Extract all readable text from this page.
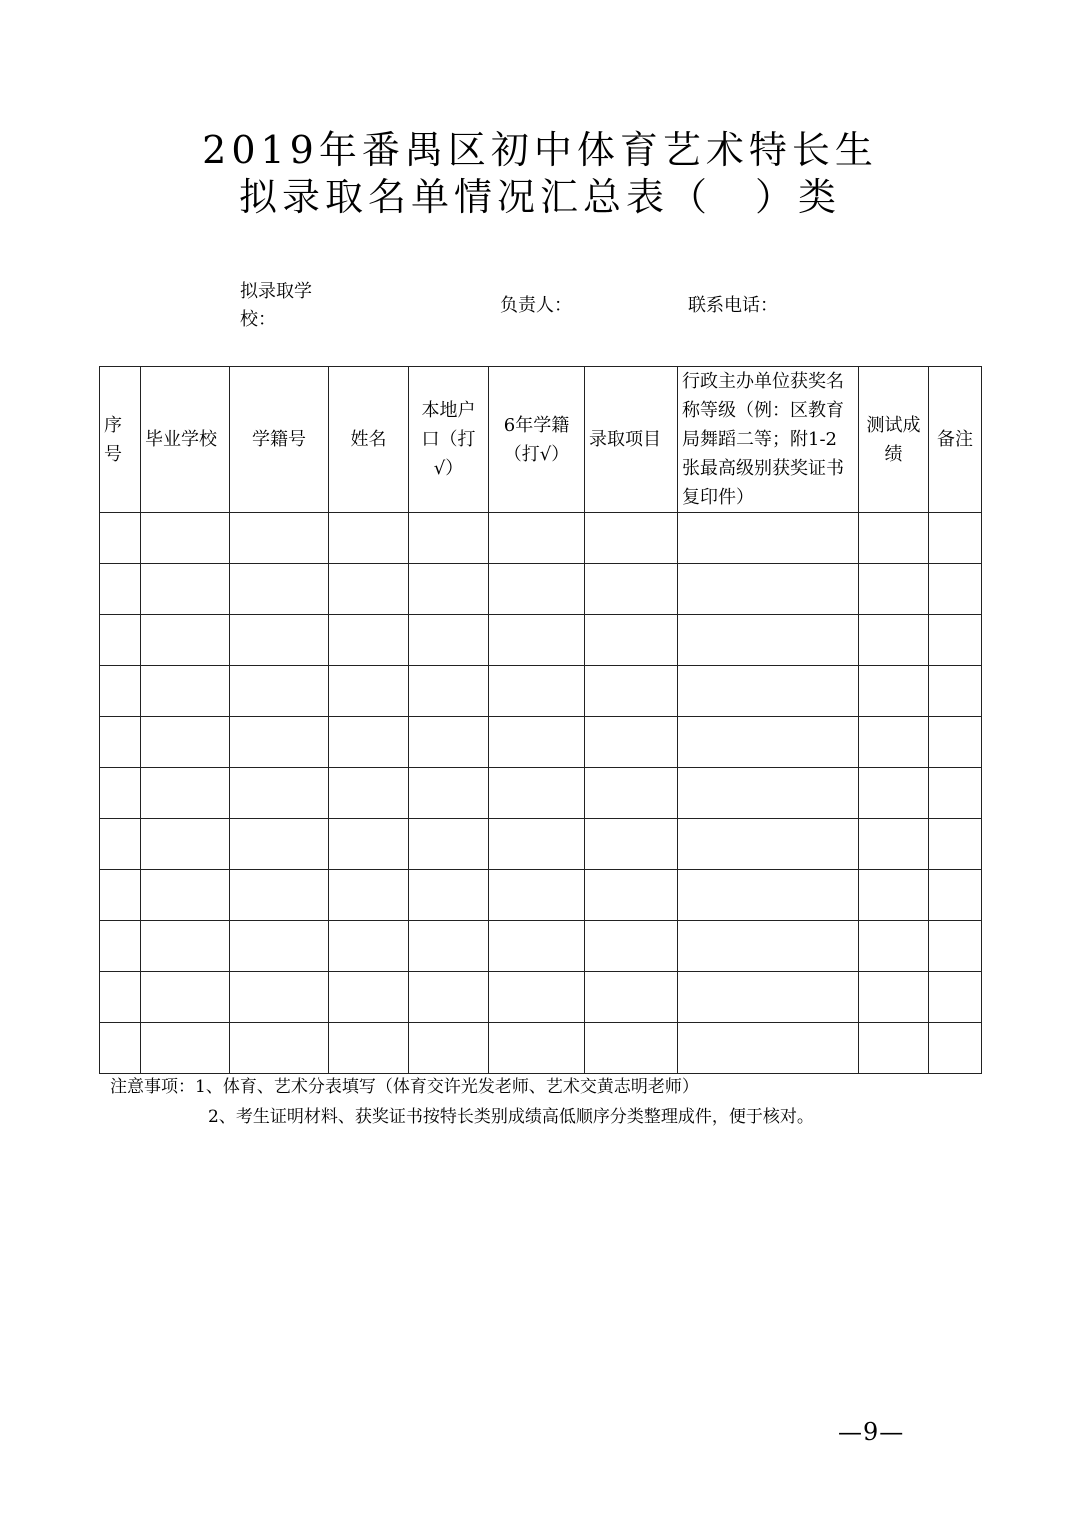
2019年番禺区初中体育艺术特长生
拟录取名单情况汇总表（　）类
拟录取学校：
负责人：	联系电话：
序号	毕业学校	学籍号	姓名	本地户口（打√）	6年学籍（打√）	录取项目	行政主办单位获奖名称等级（例：区教育局舞蹈二等；附1-2张最高级别获奖证书复印件）	测试成绩	备注

注意事项：1、体育、艺术分表填写（体育交许光发老师、艺术交黄志明老师）
2、考生证明材料、获奖证书按特长类别成绩高低顺序分类整理成件，便于核对。
—9—
